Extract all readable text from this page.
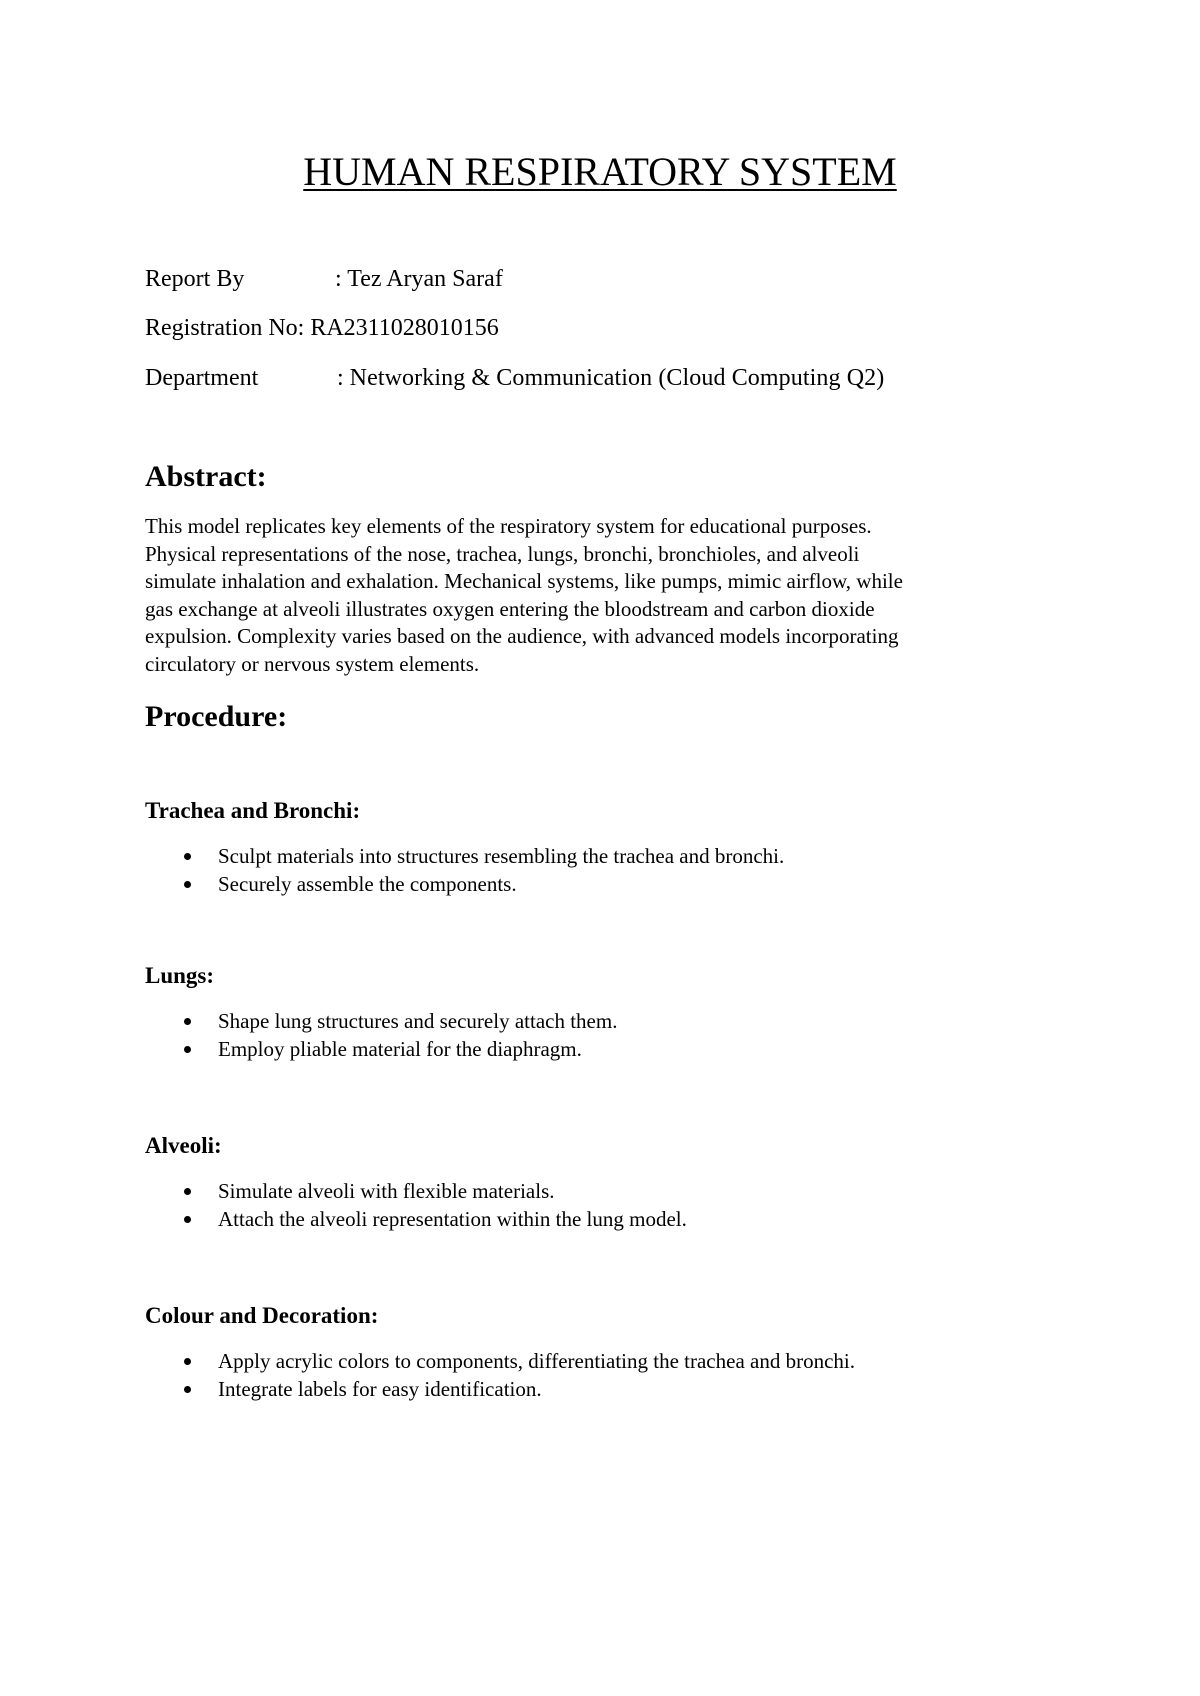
HUMAN RESPIRATORY SYSTEM
Report By	: Tez Aryan Saraf
Registration No: RA2311028010156
Department	: Networking & Communication (Cloud Computing Q2)
Abstract:

This model replicates key elements of the respiratory system for educational purposes.
Physical representations of the nose, trachea, lungs, bronchi, bronchioles, and alveoli
simulate inhalation and exhalation. Mechanical systems, like pumps, mimic airflow, while
gas exchange at alveoli illustrates oxygen entering the bloodstream and carbon dioxide
expulsion. Complexity varies based on the audience, with advanced models incorporating
circulatory or nervous system elements.

Procedure:
Trachea and Bronchi:
Sculpt materials into structures resembling the trachea and bronchi.
Securely assemble the components.
Lungs:
Shape lung structures and securely attach them.
Employ pliable material for the diaphragm.
Alveoli:
Simulate alveoli with flexible materials.
Attach the alveoli representation within the lung model.
Colour and Decoration:
Apply acrylic colors to components, differentiating the trachea and bronchi.
Integrate labels for easy identification.
